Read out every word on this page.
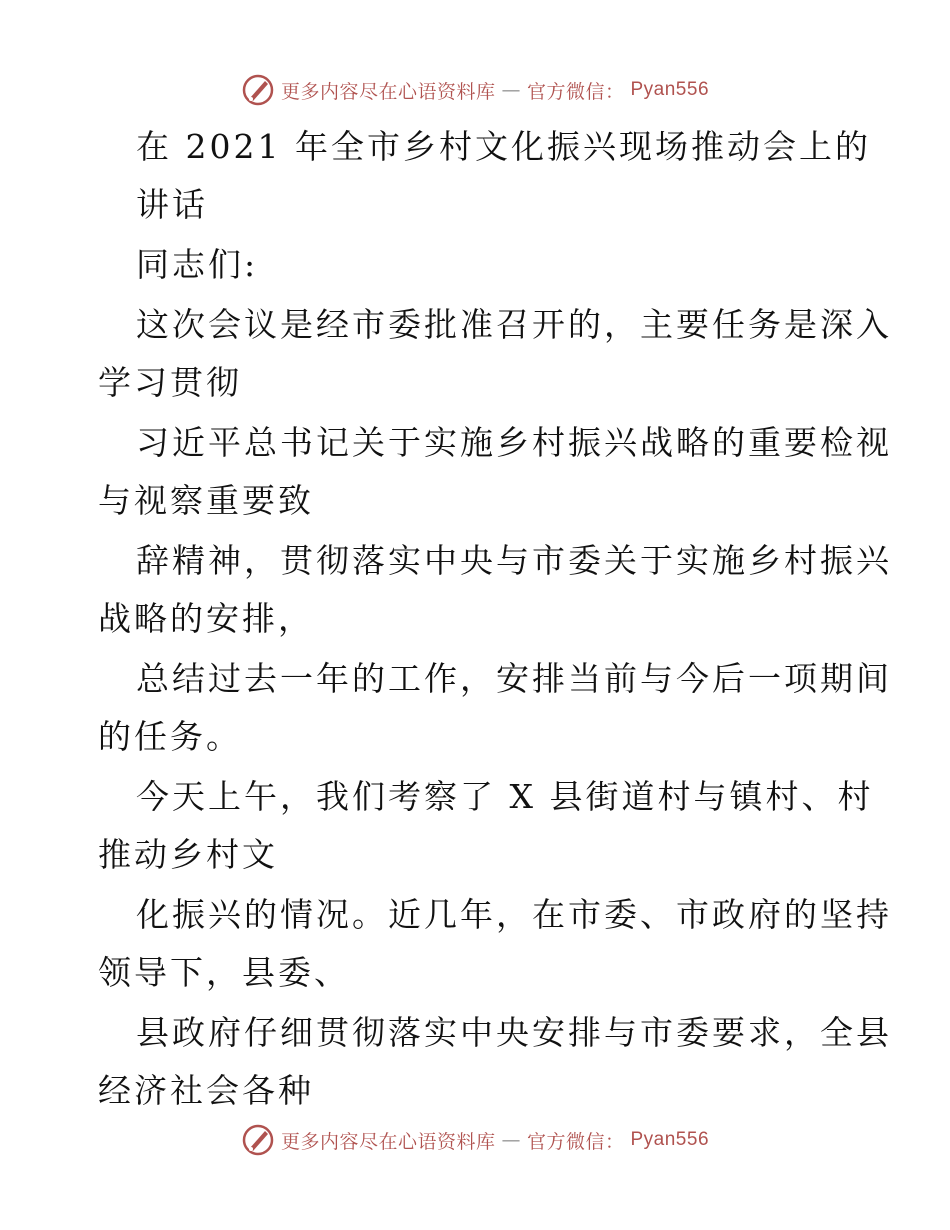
更多内容尽在心语资料库 — 官方微信： Pyan556
在 2021 年全市乡村文化振兴现场推动会上的
讲话
同志们:
这次会议是经市委批准召开的，主要任务是深入
学习贯彻
习近平总书记关于实施乡村振兴战略的重要检视
与视察重要致
辞精神，贯彻落实中央与市委关于实施乡村振兴
战略的安排，
总结过去一年的工作，安排当前与今后一项期间
的任务。
今天上午，我们考察了 X 县街道村与镇村、村
推动乡村文
化振兴的情况。近几年，在市委、市政府的坚持
领导下，县委、
县政府仔细贯彻落实中央安排与市委要求，全县
经济社会各种
更多内容尽在心语资料库 — 官方微信： Pyan556
